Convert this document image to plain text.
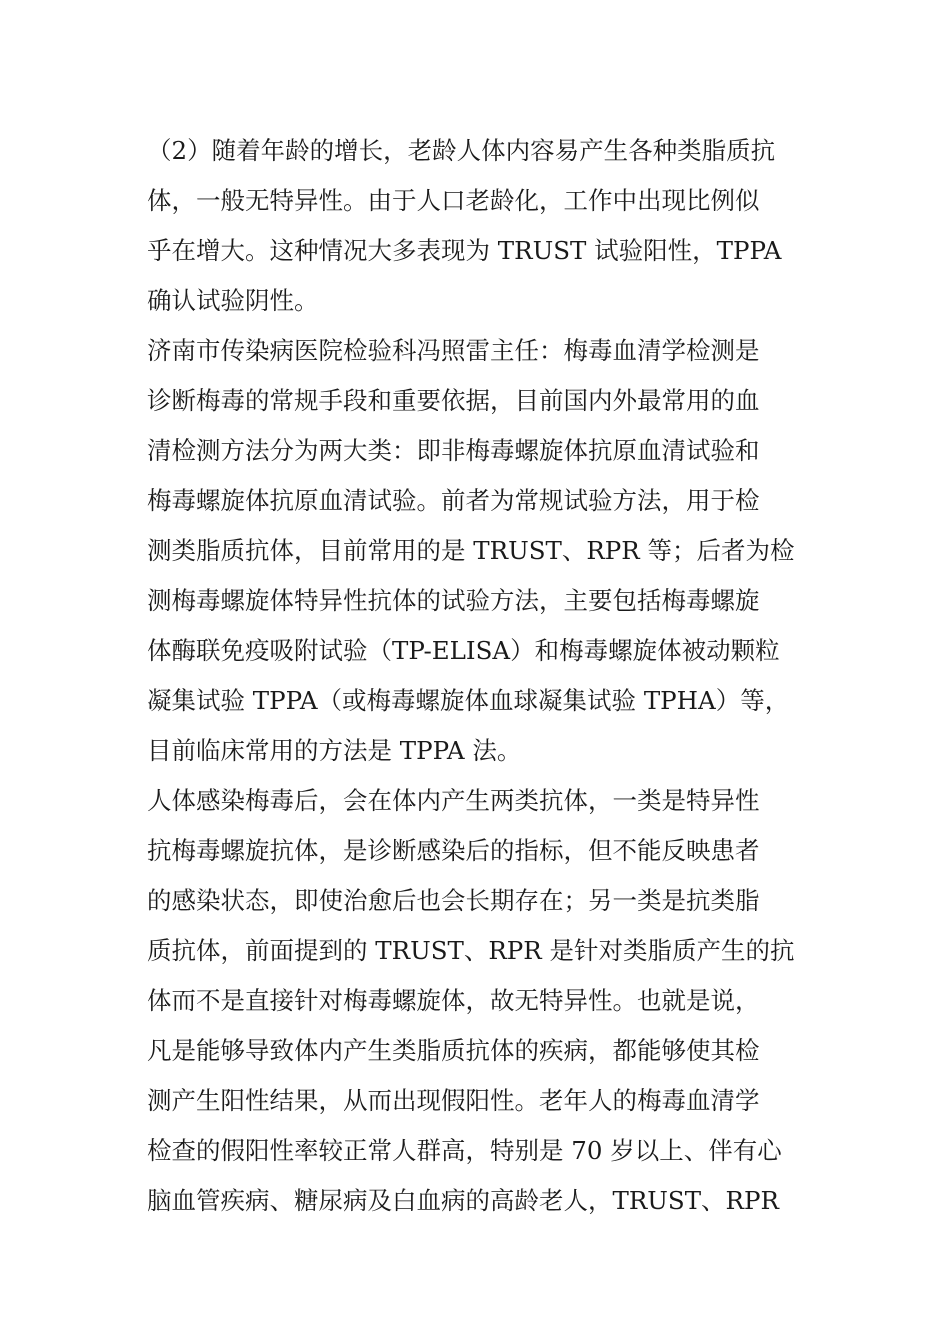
（2）随着年龄的增长，老龄人体内容易产生各种类脂质抗
体，一般无特异性。由于人口老龄化，工作中出现比例似
乎在增大。这种情况大多表现为 TRUST 试验阳性，TPPA
确认试验阴性。
济南市传染病医院检验科冯照雷主任：梅毒血清学检测是
诊断梅毒的常规手段和重要依据，目前国内外最常用的血
清检测方法分为两大类：即非梅毒螺旋体抗原血清试验和
梅毒螺旋体抗原血清试验。前者为常规试验方法，用于检
测类脂质抗体，目前常用的是 TRUST、RPR 等；后者为检
测梅毒螺旋体特异性抗体的试验方法，主要包括梅毒螺旋
体酶联免疫吸附试验（TP-ELISA）和梅毒螺旋体被动颗粒
凝集试验 TPPA（或梅毒螺旋体血球凝集试验 TPHA）等，
目前临床常用的方法是 TPPA 法。
人体感染梅毒后，会在体内产生两类抗体，一类是特异性
抗梅毒螺旋抗体，是诊断感染后的指标，但不能反映患者
的感染状态，即使治愈后也会长期存在；另一类是抗类脂
质抗体，前面提到的 TRUST、RPR 是针对类脂质产生的抗
体而不是直接针对梅毒螺旋体，故无特异性。也就是说，
凡是能够导致体内产生类脂质抗体的疾病，都能够使其检
测产生阳性结果，从而出现假阳性。老年人的梅毒血清学
检查的假阳性率较正常人群高，特别是 70 岁以上、伴有心
脑血管疾病、糖尿病及白血病的高龄老人，TRUST、RPR
